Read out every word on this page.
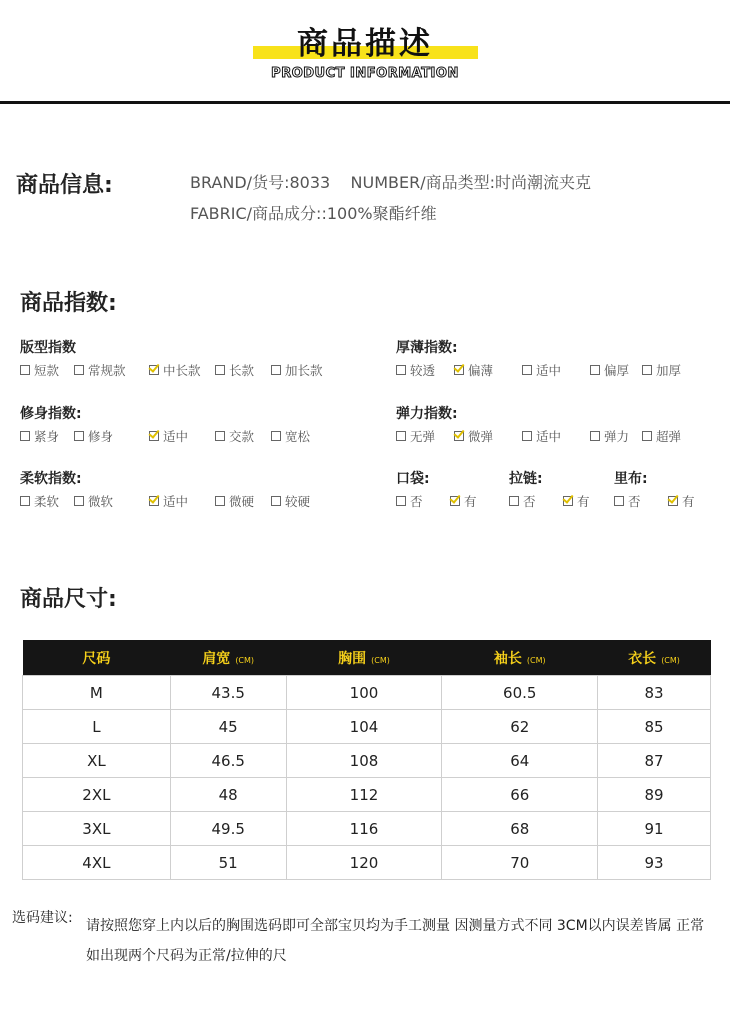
商品描述
PRODUCT INFORMATION
商品信息:	BRAND/货号:8033    NUMBER/商品类型:时尚潮流夹克
FABRIC/商品成分::100%聚酯纤维
商品指数:
版型指数
短款 常规款	中长款 长款 加长款
厚薄指数:
较透	偏薄	适中	偏厚 加厚
修身指数:
紧身 修身	适中	交款 宽松
弹力指数:
无弹	微弹	适中	弹力 超弹
柔软指数:
柔软 微软	适中	微硬 较硬
口袋:
否	有
拉链:
否	有
里布:
否	有
商品尺寸:
尺码	肩宽 (CM)	胸围 (CM)	袖长 (CM)	衣长 (CM)
M	43.5	100	60.5	83
L	45	104	62	85
XL	46.5	108	64	87
2XL	48	112	66	89
3XL	49.5	116	68	91
4XL	51	120	70	93
选码建议: 请按照您穿上内以后的胸围选码即可全部宝贝均为手工测量 因测量方式不同 3CM以内误差皆属 正常 如出现两个尺码为正常/拉伸的尺
